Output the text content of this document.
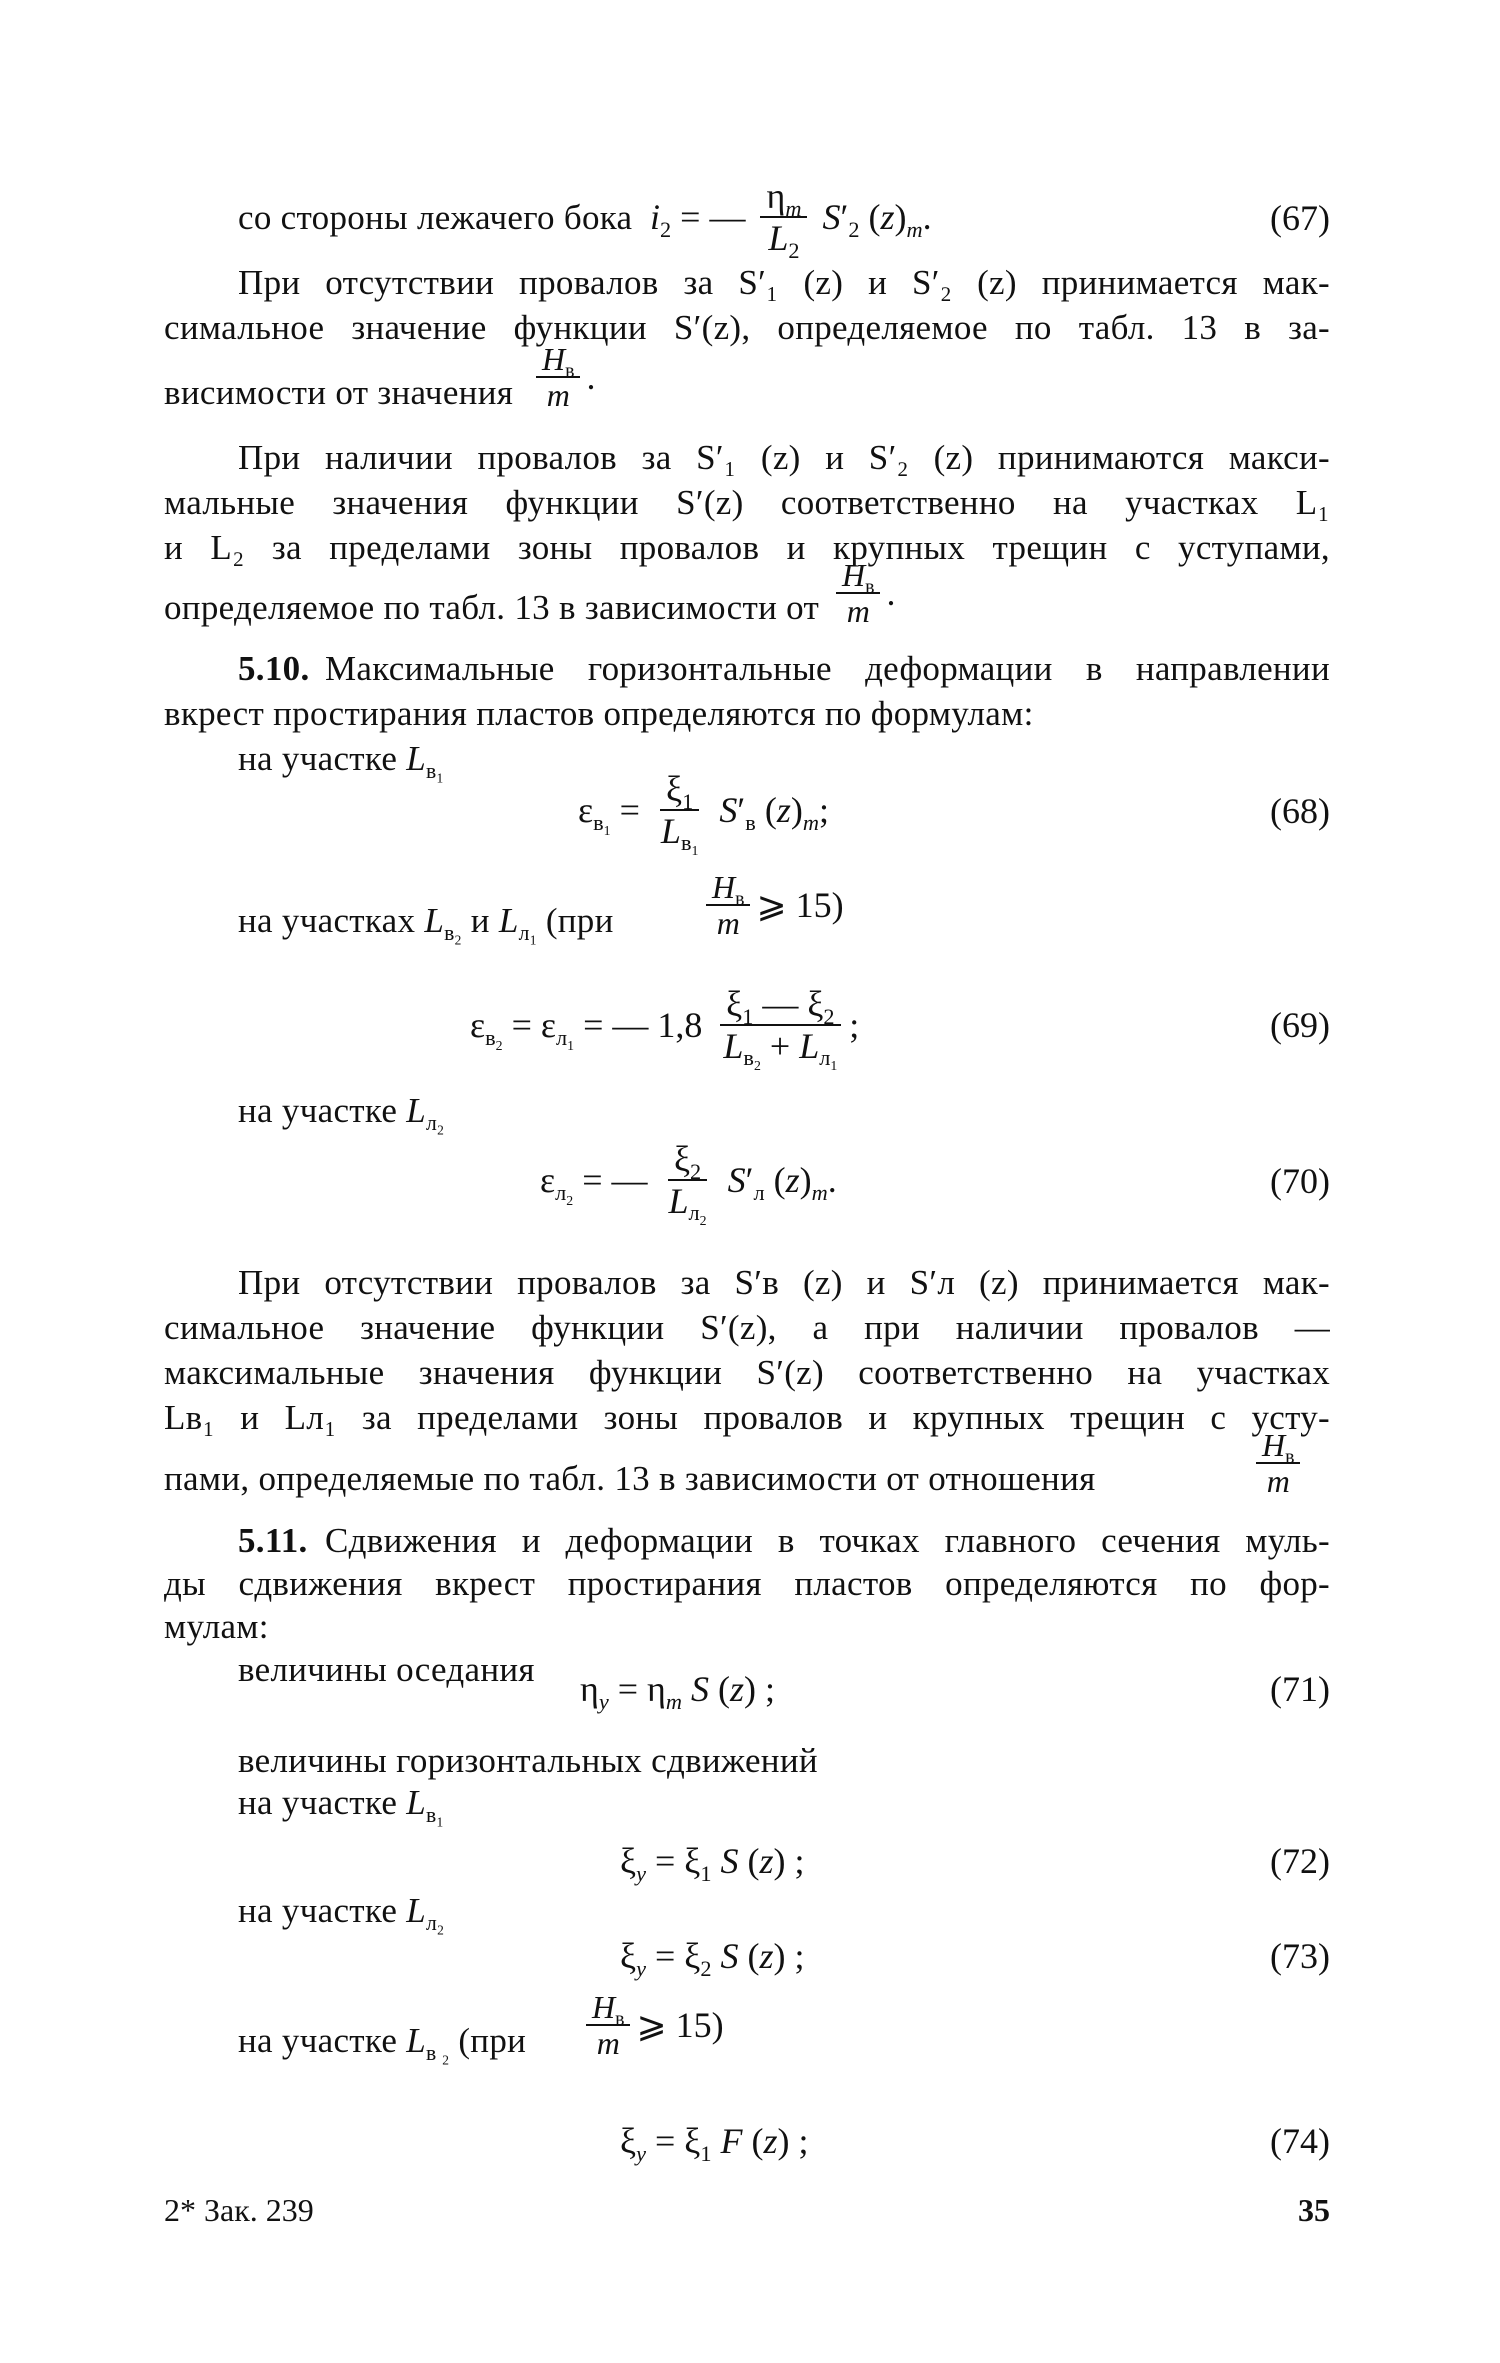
со стороны лежачего бока $i_2$ = — $\frac{\eta_m}{L_2} S'_2$ $(z)_m$.	(67)
При отсутствии провалов за S′₁ (z) и S′₂ (z) принимается мак-
симальное значение функции S′(z), определяемое по табл. 13 в за-
висимости от значения $\frac{H_в}{m}$ .
При наличии провалов за S′₁ (z) и S′₂ (z) принимаются макси-
мальные значения функции S′(z) соответственно на участках L₁
и L₂ за пределами зоны провалов и крупных трещин с уступами,
определяемое по табл. 13 в зависимости от $\frac{H_в}{m}$ .
5.10. Максимальные горизонтальные деформации в направлении
вкрест простирания пластов определяются по формулам:
на участке $L_{в_1}$
$\varepsilon_{в_1} = \frac{\xi_1}{L_{в_1}} S'_в$ $(z)_m$;	(68)
на участках $L_{в_2}$ и $L_{л_1}$ (при	$\frac{H_в}{m}$ ⩾ 15)
$\varepsilon_{в_2} = \varepsilon_{л_1}$ = — $1,8 \frac{\xi_1 — \xi_2}{L_{в_2} + L_{л_1}}$ ;	(69)
на участке $L_{л_2}$
$\varepsilon_{л_2}$ = — $\frac{\xi_2}{L_{л_2}} S'_л$ $(z)_m$.	(70)
При отсутствии провалов за S′в (z) и S′л (z) принимается мак-
симальное значение функции S′(z), а при наличии провалов —
максимальные значения функции S′(z) соответственно на участках
Lв₁ и Lл₁ за пределами зоны провалов и крупных трещин с усту-
пами, определяемые по табл. 13 в зависимости от отношения	$\frac{H_в}{m}$
5.11. Сдвижения и деформации в точках главного сечения муль-
ды сдвижения вкрест простирания пластов определяются по фор-
мулам:
величины оседания $\eta_y = \eta_m$ S (z) ;	(71)
величины горизонтальных сдвижений
на участке $L_{в_1}$
$\xi_y = \xi_1$ S (z) ;	(72)
на участке $L_{л_2}$
$\xi_y = \xi_2$ S (z) ;	(73)
на участке $L_{в _2}$ ($при \frac{H_в}{m}$ ⩾ 15)
$\xi_y = \xi_1$ F (z) ;	(74)
2* Зак. 239	35
